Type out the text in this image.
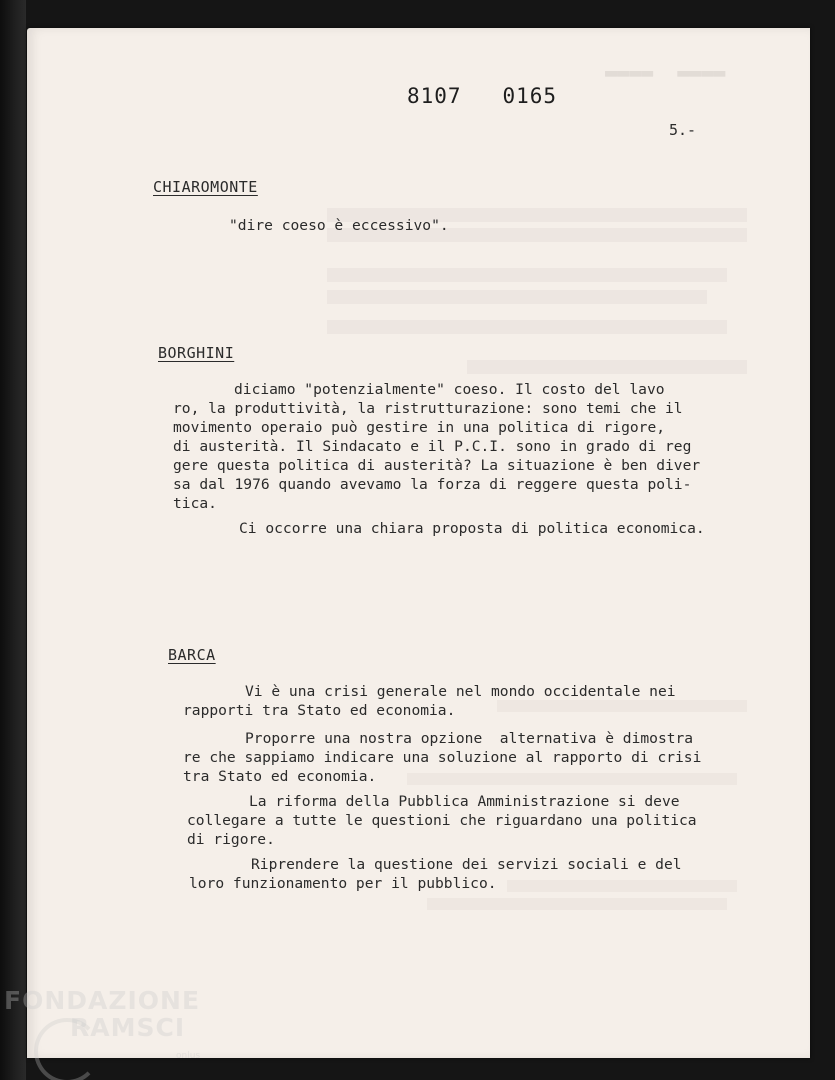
▬▬▬▬  ▬▬▬▬

8107   0165

5.-

CHIAROMONTE

"dire coeso è eccessivo".

BORGHINI

diciamo "potenzialmente" coeso. Il costo del lavo

ro, la produttività, la ristrutturazione: sono temi che il

movimento operaio può gestire in una politica di rigore,

di austerità. Il Sindacato e il P.C.I. sono in grado di reg

gere questa politica di austerità? La situazione è ben diver

sa dal 1976 quando avevamo la forza di reggere questa poli-

tica.

Ci occorre una chiara proposta di politica economica.

BARCA

Vi è una crisi generale nel mondo occidentale nei

rapporti tra Stato ed economia.

Proporre una nostra opzione  alternativa è dimostra

re che sappiamo indicare una soluzione al rapporto di crisi

tra Stato ed economia.

La riforma della Pubblica Amministrazione si deve

collegare a tutte le questioni che riguardano una politica

di rigore.

Riprendere la questione dei servizi sociali e del

loro funzionamento per il pubblico.

FONDAZIONE
RAMSCI
onlus
